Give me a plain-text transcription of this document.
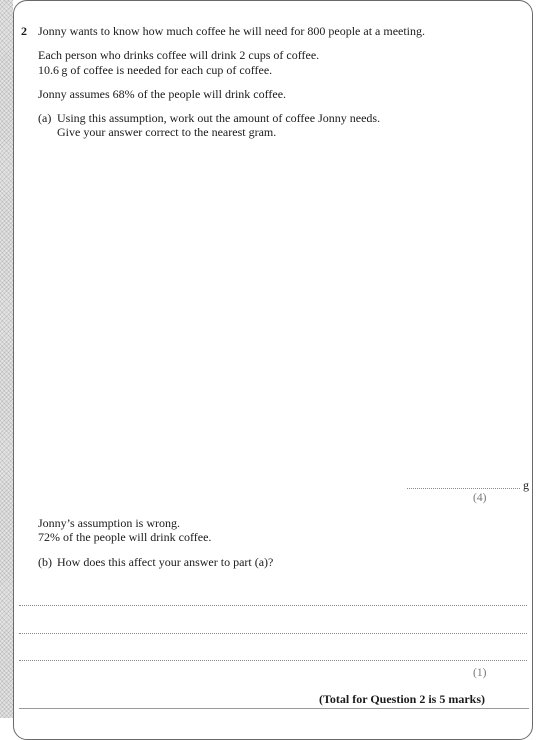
2 Jonny wants to know how much coffee he will need for 800 people at a meeting.
Each person who drinks coffee will drink 2 cups of coffee.
10.6 g of coffee is needed for each cup of coffee.
Jonny assumes 68% of the people will drink coffee.
(a) Using this assumption, work out the amount of coffee Jonny needs.
Give your answer correct to the nearest gram.
g
(4)
Jonny’s assumption is wrong.
72% of the people will drink coffee.
(b) How does this affect your answer to part (a)?
(1)
(Total for Question 2 is 5 marks)
